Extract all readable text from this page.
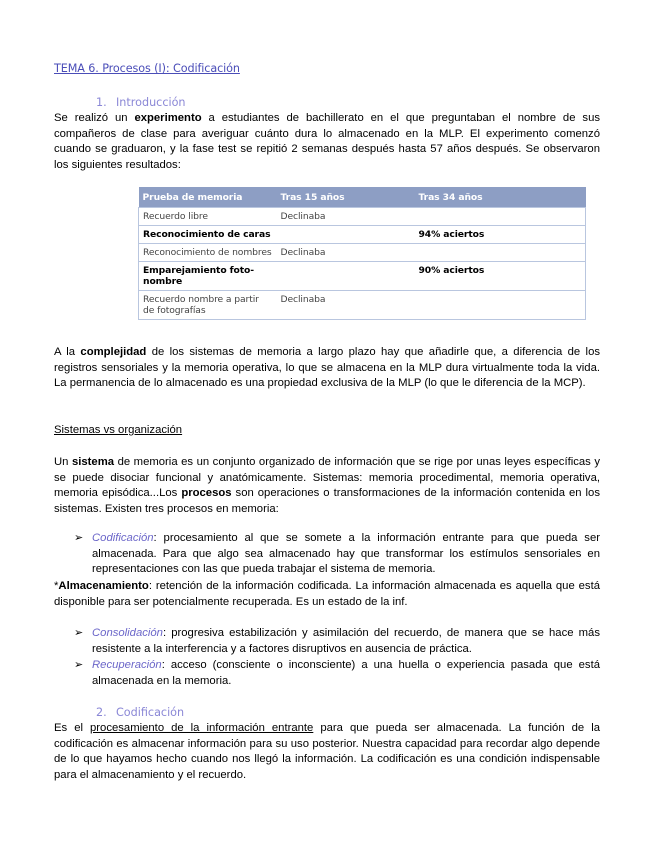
TEMA 6. Procesos (I): Codificación
1. Introducción

Se realizó un experimento a estudiantes de bachillerato en el que preguntaban el nombre de sus compañeros de clase para averiguar cuánto dura lo almacenado en la MLP. El experimento comenzó cuando se graduaron, y la fase test se repitió 2 semanas después hasta 57 años después. Se observaron los siguientes resultados:

Prueba de memoria	Tras 15 años	Tras 34 años
Recuerdo libre	Declinaba	
Reconocimiento de caras		94% aciertos
Reconocimiento de nombres	Declinaba	
Emparejamiento foto-nombre		90% aciertos
Recuerdo nombre a partir de fotografías	Declinaba	

A la complejidad de los sistemas de memoria a largo plazo hay que añadirle que, a diferencia de los registros sensoriales y la memoria operativa, lo que se almacena en la MLP dura virtualmente toda la vida. La permanencia de lo almacenado es una propiedad exclusiva de la MLP (lo que le diferencia de la MCP).

Sistemas vs organización

Un sistema de memoria es un conjunto organizado de información que se rige por unas leyes específicas y se puede disociar funcional y anatómicamente. Sistemas: memoria procedimental, memoria operativa, memoria episódica...Los procesos son operaciones o transformaciones de la información contenida en los sistemas. Existen tres procesos en memoria:

➢ Codificación: procesamiento al que se somete a la información entrante para que pueda ser almacenada. Para que algo sea almacenado hay que transformar los estímulos sensoriales en representaciones con las que pueda trabajar el sistema de memoria.

*Almacenamiento: retención de la información codificada. La información almacenada es aquella que está disponible para ser potencialmente recuperada. Es un estado de la inf.

➢ Consolidación: progresiva estabilización y asimilación del recuerdo, de manera que se hace más resistente a la interferencia y a factores disruptivos en ausencia de práctica.
➢ Recuperación: acceso (consciente o inconsciente) a una huella o experiencia pasada que está almacenada en la memoria.
2. Codificación

Es el procesamiento de la información entrante para que pueda ser almacenada. La función de la codificación es almacenar información para su uso posterior. Nuestra capacidad para recordar algo depende de lo que hayamos hecho cuando nos llegó la información. La codificación es una condición indispensable para el almacenamiento y el recuerdo.
